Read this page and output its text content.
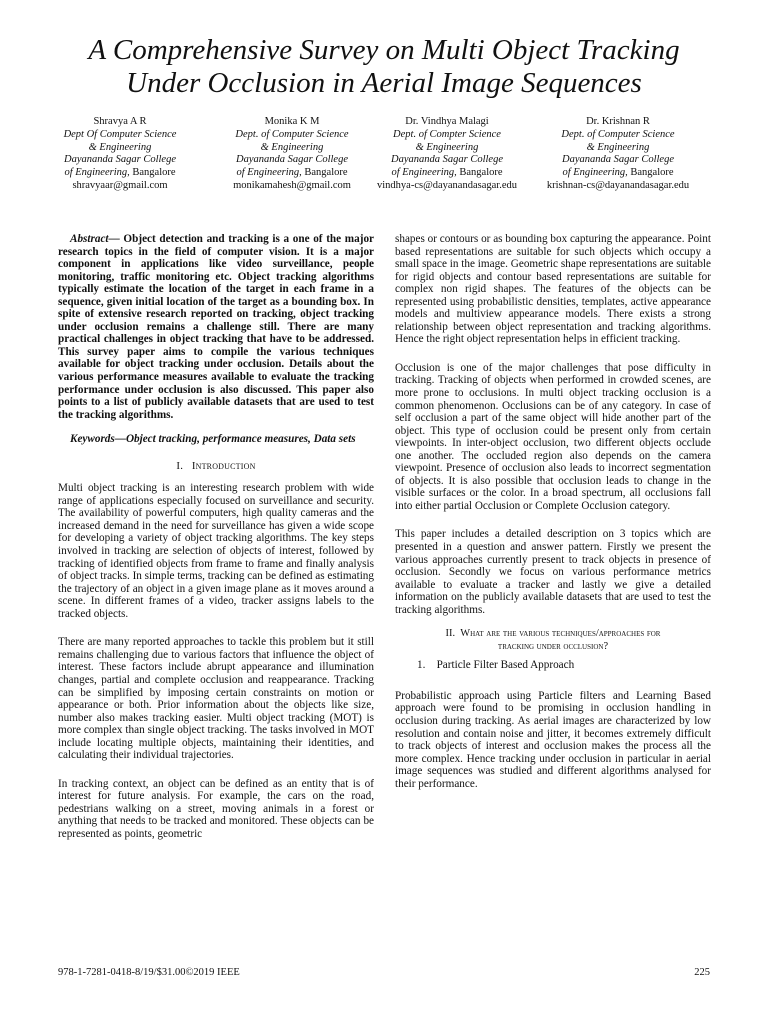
A Comprehensive Survey on Multi Object Tracking
Under Occlusion in Aerial Image Sequences
Shravya A R
Dept Of Computer Science
& Engineering
Dayananda Sagar College
of Engineering, Bangalore
shravyaar@gmail.com
Monika K M
Dept. of Computer Science
& Engineering
Dayananda Sagar College
of Engineering, Bangalore
monikamahesh@gmail.com
Dr. Vindhya Malagi
Dept. of Compter Science
& Engineering
Dayananda Sagar College
of Engineering, Bangalore
vindhya-cs@dayanandasagar.edu
Dr. Krishnan R
Dept. of Computer Science
& Engineering
Dayananda Sagar College
of Engineering, Bangalore
krishnan-cs@dayanandasagar.edu
Abstract— Object detection and tracking is a one of the major research topics in the field of computer vision. It is a major component in applications like video surveillance, people monitoring, traffic monitoring etc. Object tracking algorithms typically estimate the location of the target in each frame in a sequence, given initial location of the target as a bounding box. In spite of extensive research reported on tracking, object tracking under occlusion remains a challenge still. There are many practical challenges in object tracking that have to be addressed. This survey paper aims to compile the various techniques available for object tracking under occlusion. Details about the various performance measures available to evaluate the tracking performance under occlusion is also discussed. This paper also points to a list of publicly available datasets that are used to test the tracking algorithms.
Keywords—Object tracking, performance measures, Data sets
I. Introduction
Multi object tracking is an interesting research problem with wide range of applications especially focused on surveillance and security. The availability of powerful computers, high quality cameras and the increased demand in the need for surveillance has given a wide scope for developing a variety of object tracking algorithms. The key steps involved in tracking are selection of objects of interest, followed by tracking of identified objects from frame to frame and finally analysis of object tracks. In simple terms, tracking can be defined as estimating the trajectory of an object in a given image plane as it moves around a scene. In different frames of a video, tracker assigns labels to the tracked objects.
There are many reported approaches to tackle this problem but it still remains challenging due to various factors that influence the object of interest. These factors include abrupt appearance and illumination changes, partial and complete occlusion and reappearance. Tracking can be simplified by imposing certain constraints on motion or appearance or both. Prior information about the objects like size, number also makes tracking easier. Multi object tracking (MOT) is more complex than single object tracking. The tasks involved in MOT include locating multiple objects, maintaining their identities, and calculating their individual trajectories.
In tracking context, an object can be defined as an entity that is of interest for future analysis. For example, the cars on the road, pedestrians walking on a street, moving animals in a forest or anything that needs to be tracked and monitored. These objects can be represented as points, geometric
shapes or contours or as bounding box capturing the appearance. Point based representations are suitable for such objects which occupy a small space in the image. Geometric shape representations are suitable for rigid objects and contour based representations are suitable for complex non rigid shapes. The features of the objects can be represented using probabilistic densities, templates, active appearance models and multiview appearance models. There exists a strong relationship between object representation and tracking algorithms. Hence the right object representation helps in efficient tracking.
Occlusion is one of the major challenges that pose difficulty in tracking. Tracking of objects when performed in crowded scenes, are more prone to occlusions. In multi object tracking occlusion is a common phenomenon. Occlusions can be of any category. In case of self occlusion a part of the same object will hide another part of the object. This type of occlusion could be present only from certain viewpoints. In inter-object occlusion, two different objects occlude one another. The occluded region also depends on the camera viewpoint. Presence of occlusion also leads to incorrect segmentation of objects. It is also possible that occlusion leads to change in the visible surfaces or the color. In a broad spectrum, all occlusions fall into either partial Occlusion or Complete Occlusion category.
This paper includes a detailed description on 3 topics which are presented in a question and answer pattern. Firstly we present the various approaches currently present to track objects in presence of occlusion. Secondly we focus on various performance metrics available to evaluate a tracker and lastly we give a detailed information on the publicly available datasets that are used to test the tracking algorithms.
II. What are the various techniques/approaches for
tracking under occlusion?
1. Particle Filter Based Approach
Probabilistic approach using Particle filters and Learning Based approach were found to be promising in occlusion handling in occlusion during tracking. As aerial images are characterized by low resolution and contain noise and jitter, it becomes extremely difficult to track objects of interest and occlusion makes the process all the more complex. Hence tracking under occlusion in particular in aerial image sequences was studied and different algorithms analysed for their performance.
978-1-7281-0418-8/19/$31.00©2019 IEEE	225
